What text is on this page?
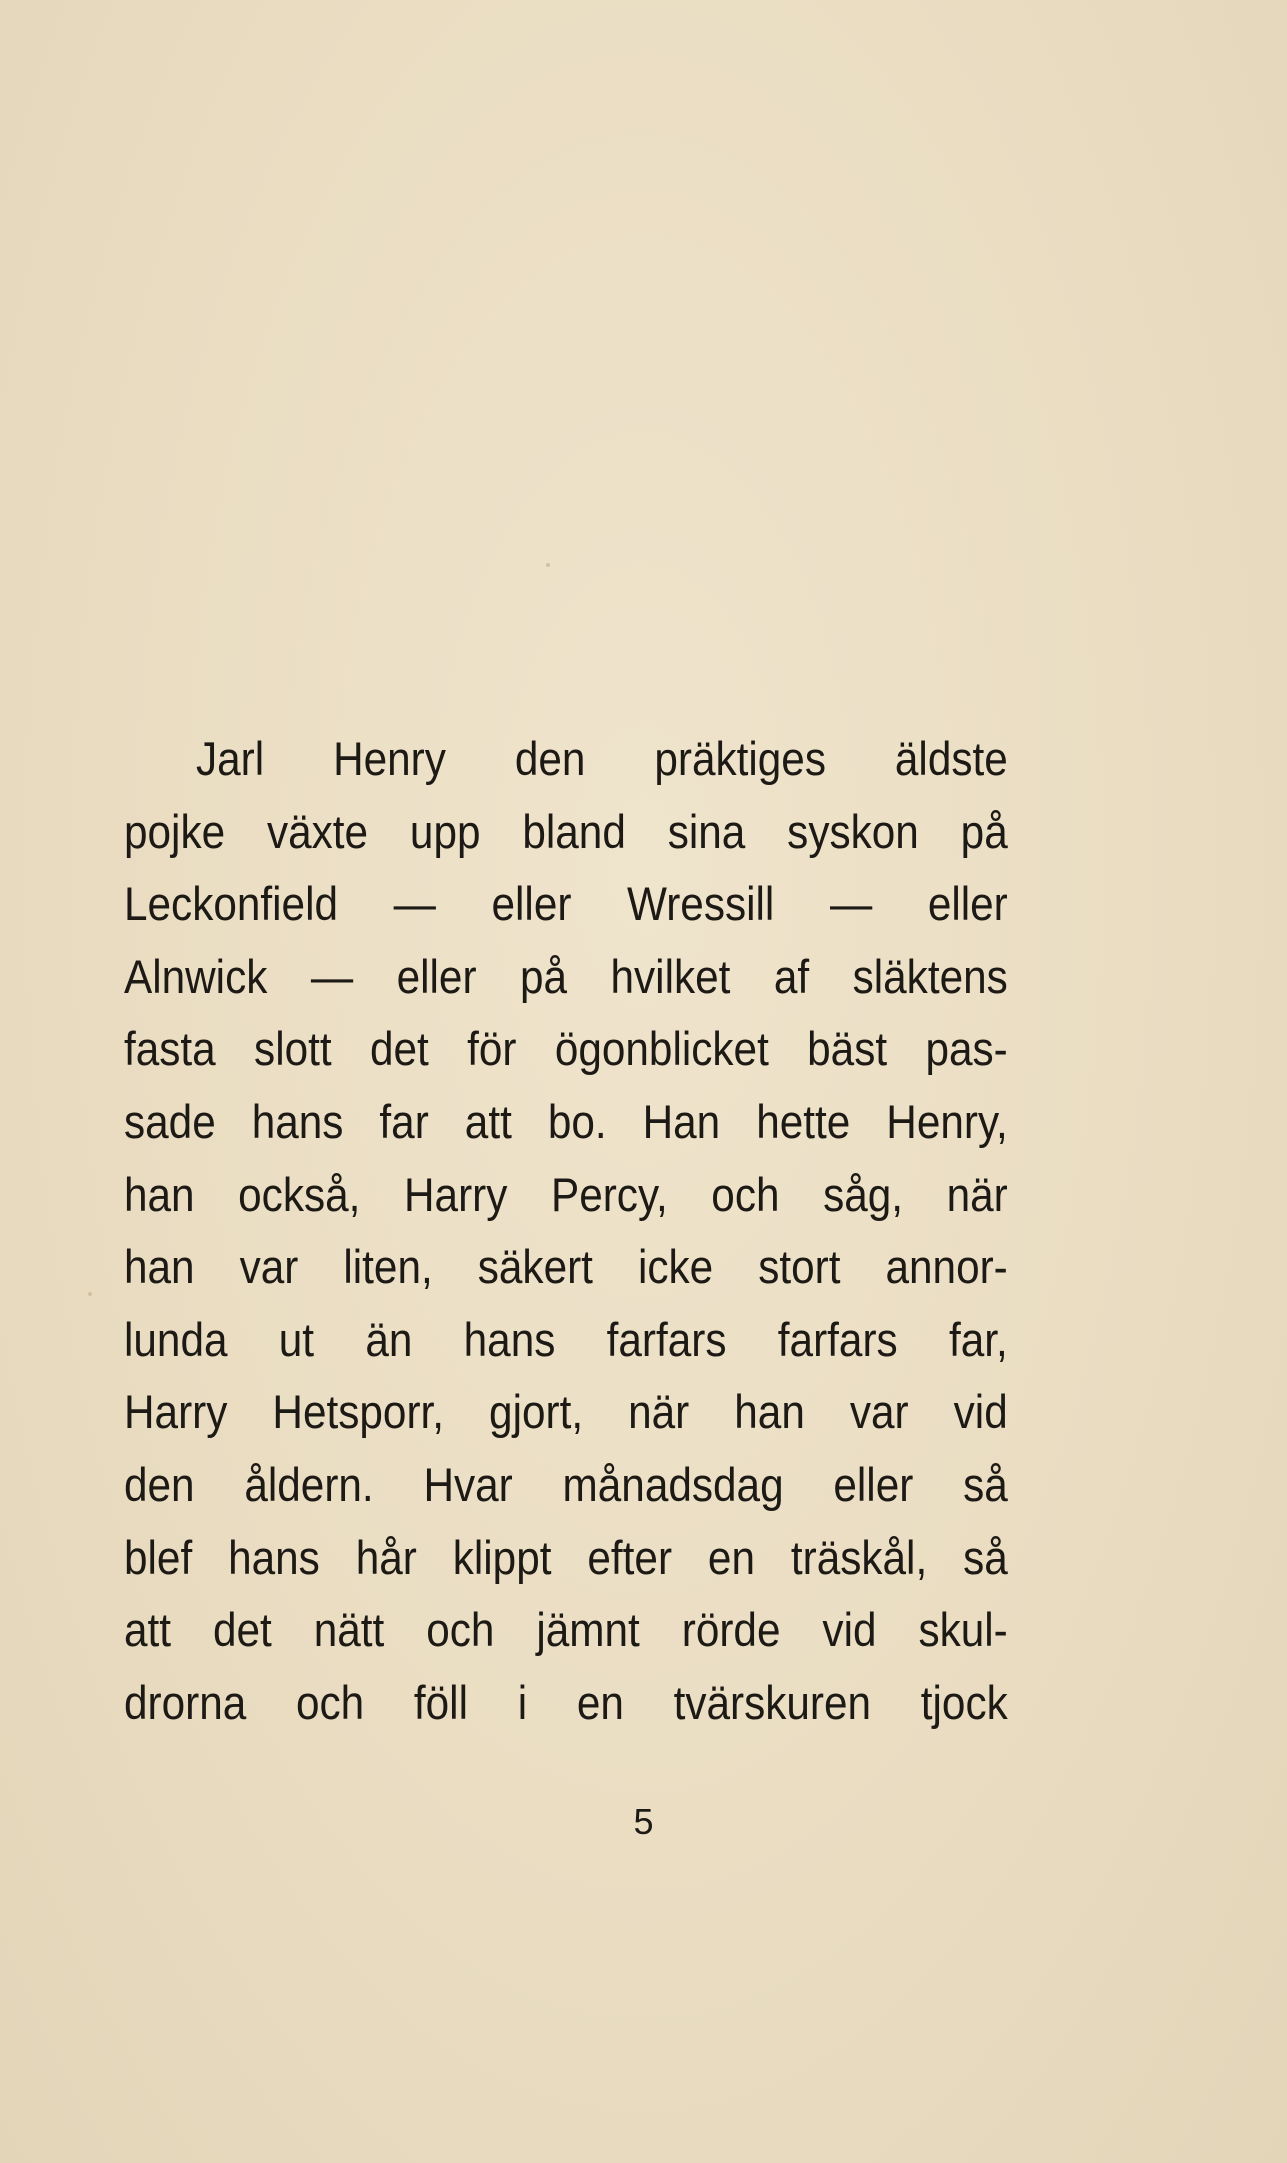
Jarl Henry den präktiges äldste
pojke växte upp bland sina syskon på
Leckonfield — eller Wressill — eller
Alnwick — eller på hvilket af släktens
fasta slott det för ögonblicket bäst pas-
sade hans far att bo. Han hette Henry,
han också, Harry Percy, och såg, när
han var liten, säkert icke stort annor-
lunda ut än hans farfars farfars far,
Harry Hetsporr, gjort, när han var vid
den åldern. Hvar månadsdag eller så
blef hans hår klippt efter en träskål, så
att det nätt och jämnt rörde vid skul-
drorna och föll i en tvärskuren tjock
5
